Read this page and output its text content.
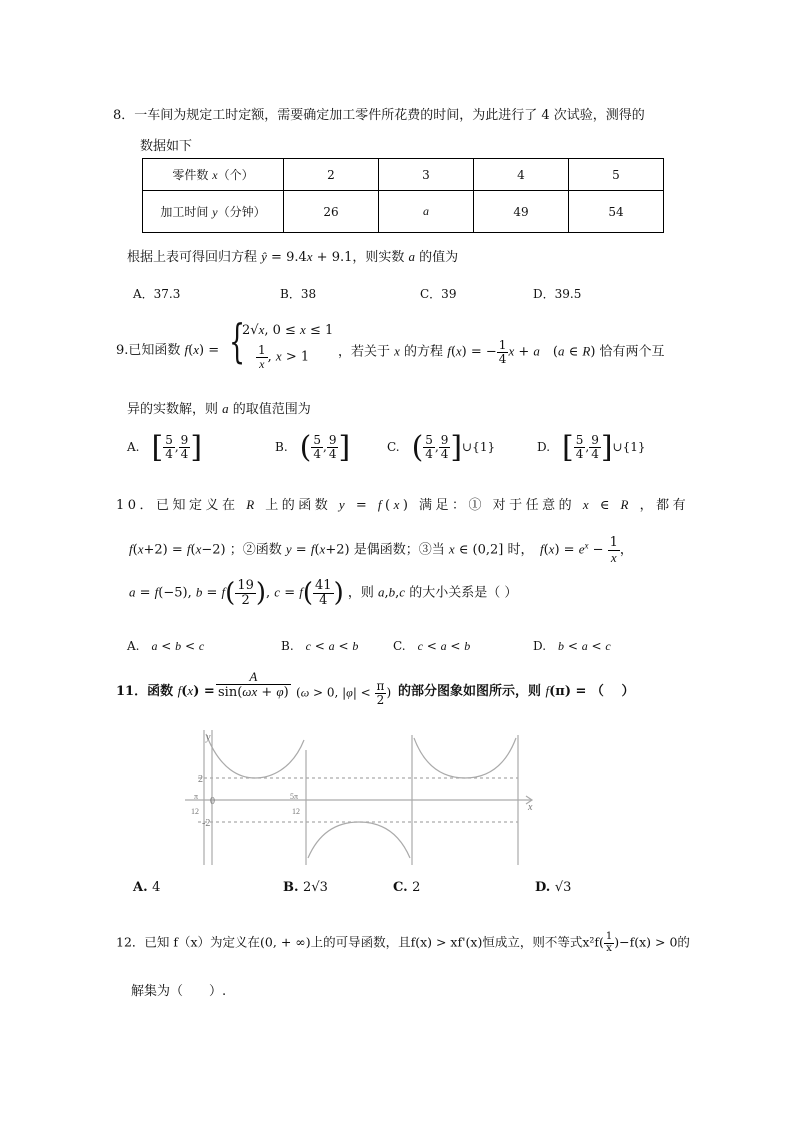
8．一车间为规定工时定额，需要确定加工零件所花费的时间，为此进行了 4 次试验，测得的
数据如下
零件数 x（个）	2	3	4	5
加工时间 y（分钟）	26	a	49	54
根据上表可得回归方程 ŷ = 9.4x + 9.1，则实数 a 的值为
A．37.3	B．38	C．39	D．39.5
9.已知函数 f(x) = {
2√x, 0 ≤ x ≤ 1
$\frac{1}{x}$ , x > 1 ，若关于 x 的方程 f(x) = − $\frac{1}{4}$ x + a　(a ∈ R) 恰有两个互
异的实数解，则 a 的取值范围为
A.　[ $\frac{5}{4}$ , $\frac{9}{4}$ ]	B.　( $\frac{5}{4}$ , $\frac{9}{4}$ ]	C.　( $\frac{5}{4}$ , $\frac{9}{4}$ ]∪{1}	D.　[ $\frac{5}{4}$ , $\frac{9}{4}$ ]∪{1}
10．已知定义在 R 上的函数 y = f(x) 满足：① 对于任意的 x ∈ R ，都有
f(x+2) = f(x−2) ；②函数 y = f(x+2) 是偶函数；③当 x ∈ (0,2] 时，　$f(x) = e^x - \frac{1}{x}$ ，
a = f(−5), $b = f( \frac{19}{2}$ ), $c = f( \frac{41}{4}$ ) ，则 a,b,c 的大小关系是（ ）
A.　a < b < c	B.　c < a < b	C.　c < a < b	D.　b < a < c
11．函数 $f(x) = \frac{A}{\sin(\omega x + \varphi)} (\omega > 0$, $|\varphi| < \frac{\pi}{2}$ ) 的部分图象如图所示，则 f(π) = （　 ）
y
x
2
-2
0
π
12
5π
12
A. 4	B. 2√3	C. 2	D. √3
12．已知 f（x）为定义在(0, + ∞)上的可导函数，且f(x) > xf'(x)恒成立，则不等式$x^2f( \frac{1}{x} )-f(x) > 0$的
解集为（　　）.
